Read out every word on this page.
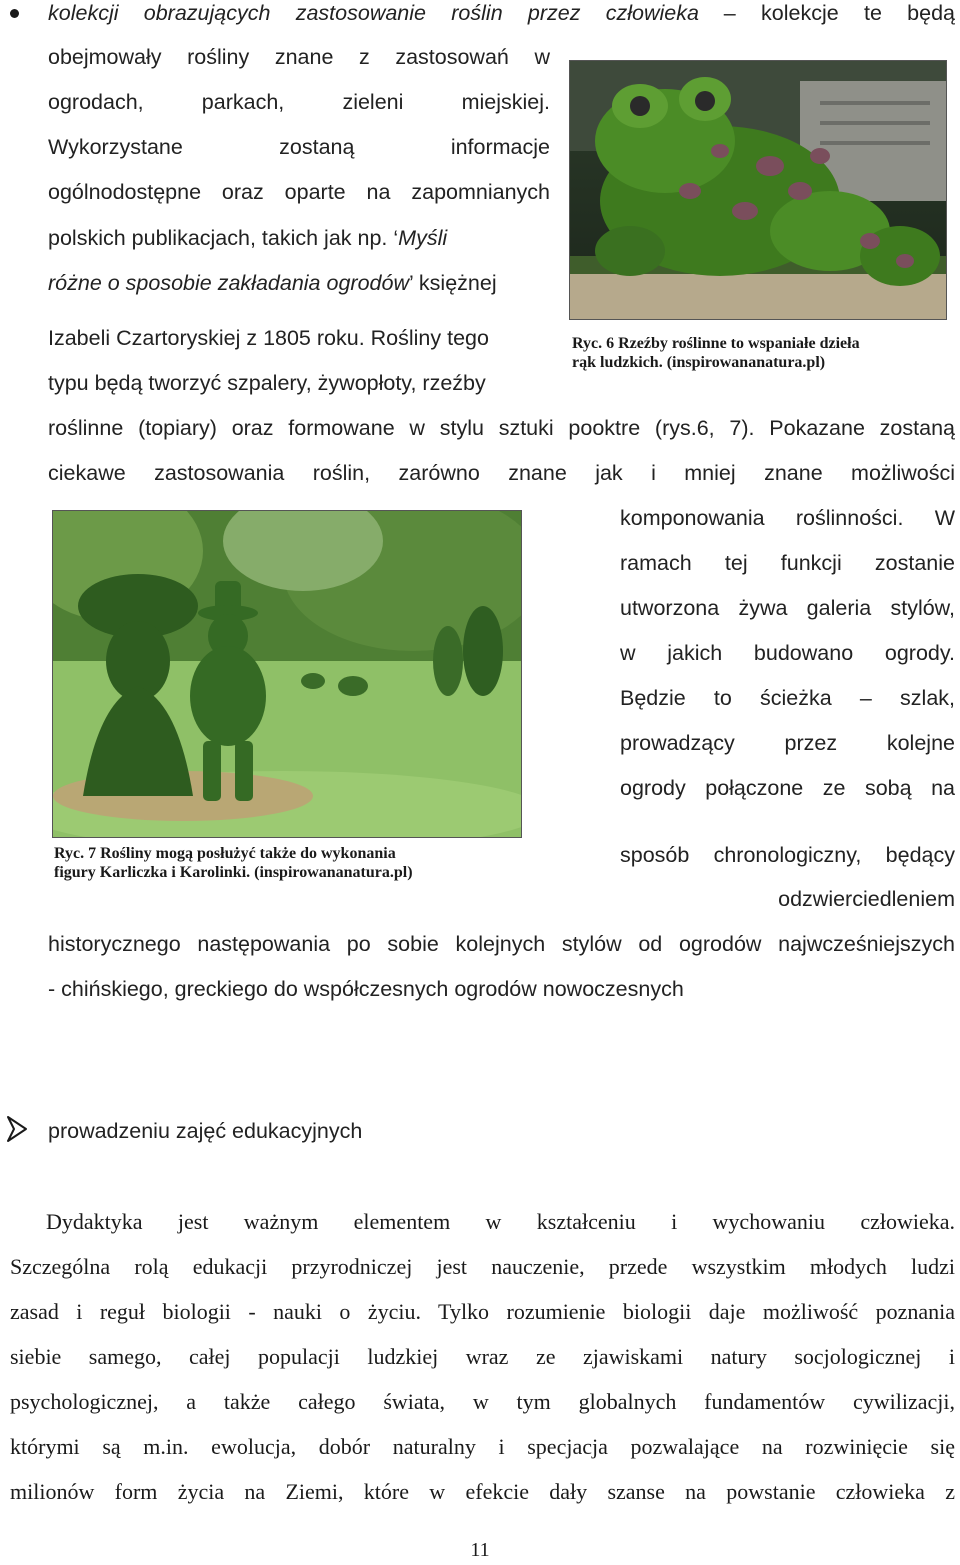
kolekcji obrazujących zastosowanie roślin przez człowieka – kolekcje te będą
obejmowały rośliny znane z zastosowań w
ogrodach, parkach, zieleni miejskiej.
Wykorzystane zostaną informacje
ogólnodostępne oraz oparte na zapomnianych
polskich publikacjach, takich jak np. ‘Myśli
różne o sposobie zakładania ogrodów’ księżnej
Izabeli Czartoryskiej z 1805 roku. Rośliny tego
typu będą tworzyć szpalery, żywopłoty, rzeźby
roślinne (topiary) oraz formowane w stylu sztuki pooktre (rys.6, 7). Pokazane zostaną
ciekawe zastosowania roślin, zarówno znane jak i mniej znane możliwości
Ryc. 6 Rzeźby roślinne to wspaniałe dzieła
rąk ludzkich. (inspirowananatura.pl)
Ryc. 7 Rośliny mogą posłużyć także do wykonania
figury Karliczka i Karolinki. (inspirowananatura.pl)
komponowania roślinności. W
ramach tej funkcji zostanie
utworzona żywa galeria stylów,
w jakich budowano ogrody.
Będzie to ścieżka – szlak,
prowadzący przez kolejne
ogrody połączone ze sobą na
sposób chronologiczny, będący
odzwierciedleniem
historycznego następowania po sobie kolejnych stylów od ogrodów najwcześniejszych
- chińskiego, greckiego do współczesnych ogrodów nowoczesnych
prowadzeniu zajęć edukacyjnych
Dydaktyka jest ważnym elementem w kształceniu i wychowaniu człowieka.
Szczególna rolą edukacji przyrodniczej jest nauczenie, przede wszystkim młodych ludzi
zasad i reguł biologii - nauki o życiu. Tylko rozumienie biologii daje możliwość poznania
siebie samego, całej populacji ludzkiej wraz ze zjawiskami natury socjologicznej i
psychologicznej, a także całego świata, w tym globalnych fundamentów cywilizacji,
którymi są m.in. ewolucja, dobór naturalny i specjacja pozwalające na rozwinięcie się
milionów form życia na Ziemi, które w efekcie dały szanse na powstanie człowieka z
11
